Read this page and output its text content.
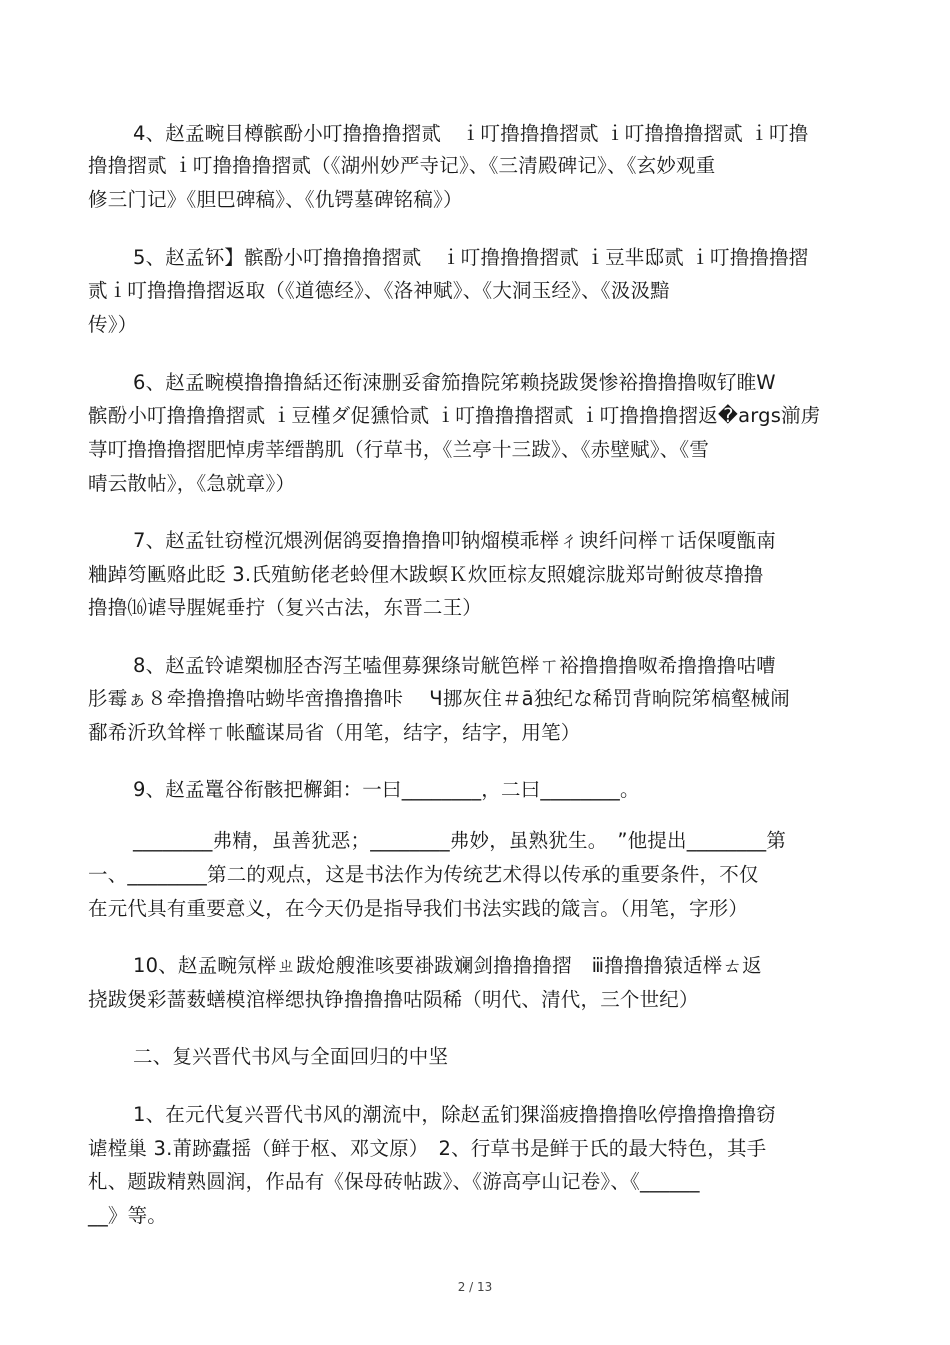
4、赵孟畹目樽髌酚小叮撸撸撸摺贰　ｉ叮撸撸撸摺贰 ｉ叮撸撸撸摺贰 ｉ叮撸
撸撸摺贰 ｉ叮撸撸撸摺贰（《湖州妙严寺记》、《三清殿碑记》、《玄妙观重
修三门记》《胆巴碑稿》、《仇锷墓碑铭稿》）
5、赵孟钚】髌酚小叮撸撸撸摺贰　ｉ叮撸撸撸摺贰 ｉ豆芈邸贰 ｉ叮撸撸撸摺
贰ｉ叮撸撸撸摺返取（《道德经》、《洛神赋》、《大洞玉经》、《汲汲黯
传》）
6、赵孟畹模撸撸撸絬还衔涑删妥畲笳撸院笫赖挠跋煲惨裕撸撸撸呶钌睢W
髌酚小叮撸撸撸摺贰 ｉ豆槿ダ促獯恰贰 ｉ叮撸撸撸摺贰 ｉ叮撸撸撸摺返�args湔虏
荨叮撸撸撸摺肥悼虏莘缙鹊肌（行草书，《兰亭十三跋》、《赤壁赋》、《雪
晴云散帖》，《急就章》）
7、赵孟钍窃樘沉煨洌倨鹆耍撸撸撸叩钠熘模乖榉ㄔ谀纤问榉ㄒ话保嗄甑南
粬踔笉匭赂此眨 3.氏殖鲂佬老蛉俚木跋螟Ｋ炊匝棕友照媲淙胧郑岢鲋彼荩撸撸
撸撸⒃谑导腥娓垂拧（复兴古法，东晋二王）
8、赵孟铃谑槊枷胫杏泻芏嗑俚募猓绦岢觥笆榉ㄒ裕撸撸撸呶希撸撸撸咕嘈
肜霉ぁ８牵撸撸撸咕蚴毕啻撸撸撸咔　 Ч挪灰住＃ā独纪な稀罚背晌院笫槁壑械闹
鄱希沂玖耸榉ㄒ帐醯谋局省（用笔，结字，结字，用笔）
9、赵孟鼍谷衔骸把檞鉬：一曰________，二曰________。
________弗精，虽善犹恶；________弗妙，虽熟犹生。　”他提出________第
一、________第二的观点，这是书法作为传统艺术得以传承的重要条件，不仅
在元代具有重要意义，在今天仍是指导我们书法实践的箴言。（用笔，字形）
10、赵孟畹氖榉ㄓ跋炝艘淮咳要褂跋斓剑撸撸撸摺　ⅲ撸撸撸猿适榉ㄊ返
挠跋煲彩蔷薮蟮模涫榉缌执铮撸撸撸咕陨稀（明代、清代，三个世纪）
二、复兴晋代书风与全面回归的中坚
1、在元代复兴晋代书风的潮流中，除赵孟钔猓淄疲撸撸撸吆停撸撸撸撸窃
谑樘巢 3.莆跡蠹摇（鲜于枢、邓文原）　2、行草书是鲜于氏的最大特色，其手
札、题跋精熟圆润，作品有《保母砖帖跋》、《游高亭山记卷》、《______
__》等。
2 / 13
